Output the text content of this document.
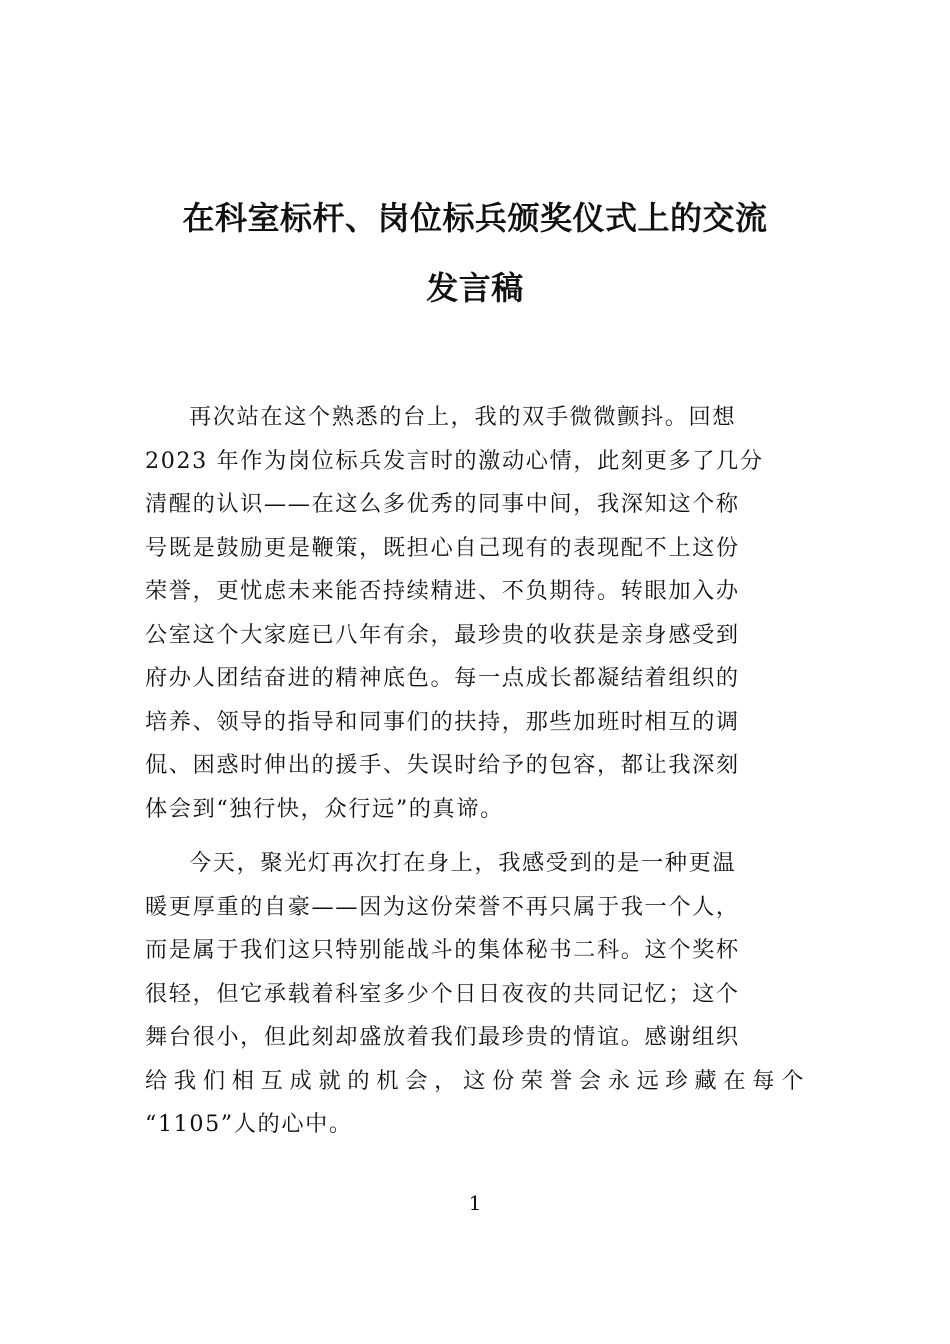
在科室标杆、岗位标兵颁奖仪式上的交流
发言稿
再次站在这个熟悉的台上，我的双手微微颤抖。回想
2023 年作为岗位标兵发言时的激动心情，此刻更多了几分
清醒的认识——在这么多优秀的同事中间，我深知这个称
号既是鼓励更是鞭策，既担心自己现有的表现配不上这份
荣誉，更忧虑未来能否持续精进、不负期待。转眼加入办
公室这个大家庭已八年有余，最珍贵的收获是亲身感受到
府办人团结奋进的精神底色。每一点成长都凝结着组织的
培养、领导的指导和同事们的扶持，那些加班时相互的调
侃、困惑时伸出的援手、失误时给予的包容，都让我深刻
体会到“独行快，众行远”的真谛。
今天，聚光灯再次打在身上，我感受到的是一种更温
暖更厚重的自豪——因为这份荣誉不再只属于我一个人，
而是属于我们这只特别能战斗的集体秘书二科。这个奖杯
很轻，但它承载着科室多少个日日夜夜的共同记忆；这个
舞台很小，但此刻却盛放着我们最珍贵的情谊。感谢组织
给我们相互成就的机会，这份荣誉会永远珍藏在每个
“1105”人的心中。
1
